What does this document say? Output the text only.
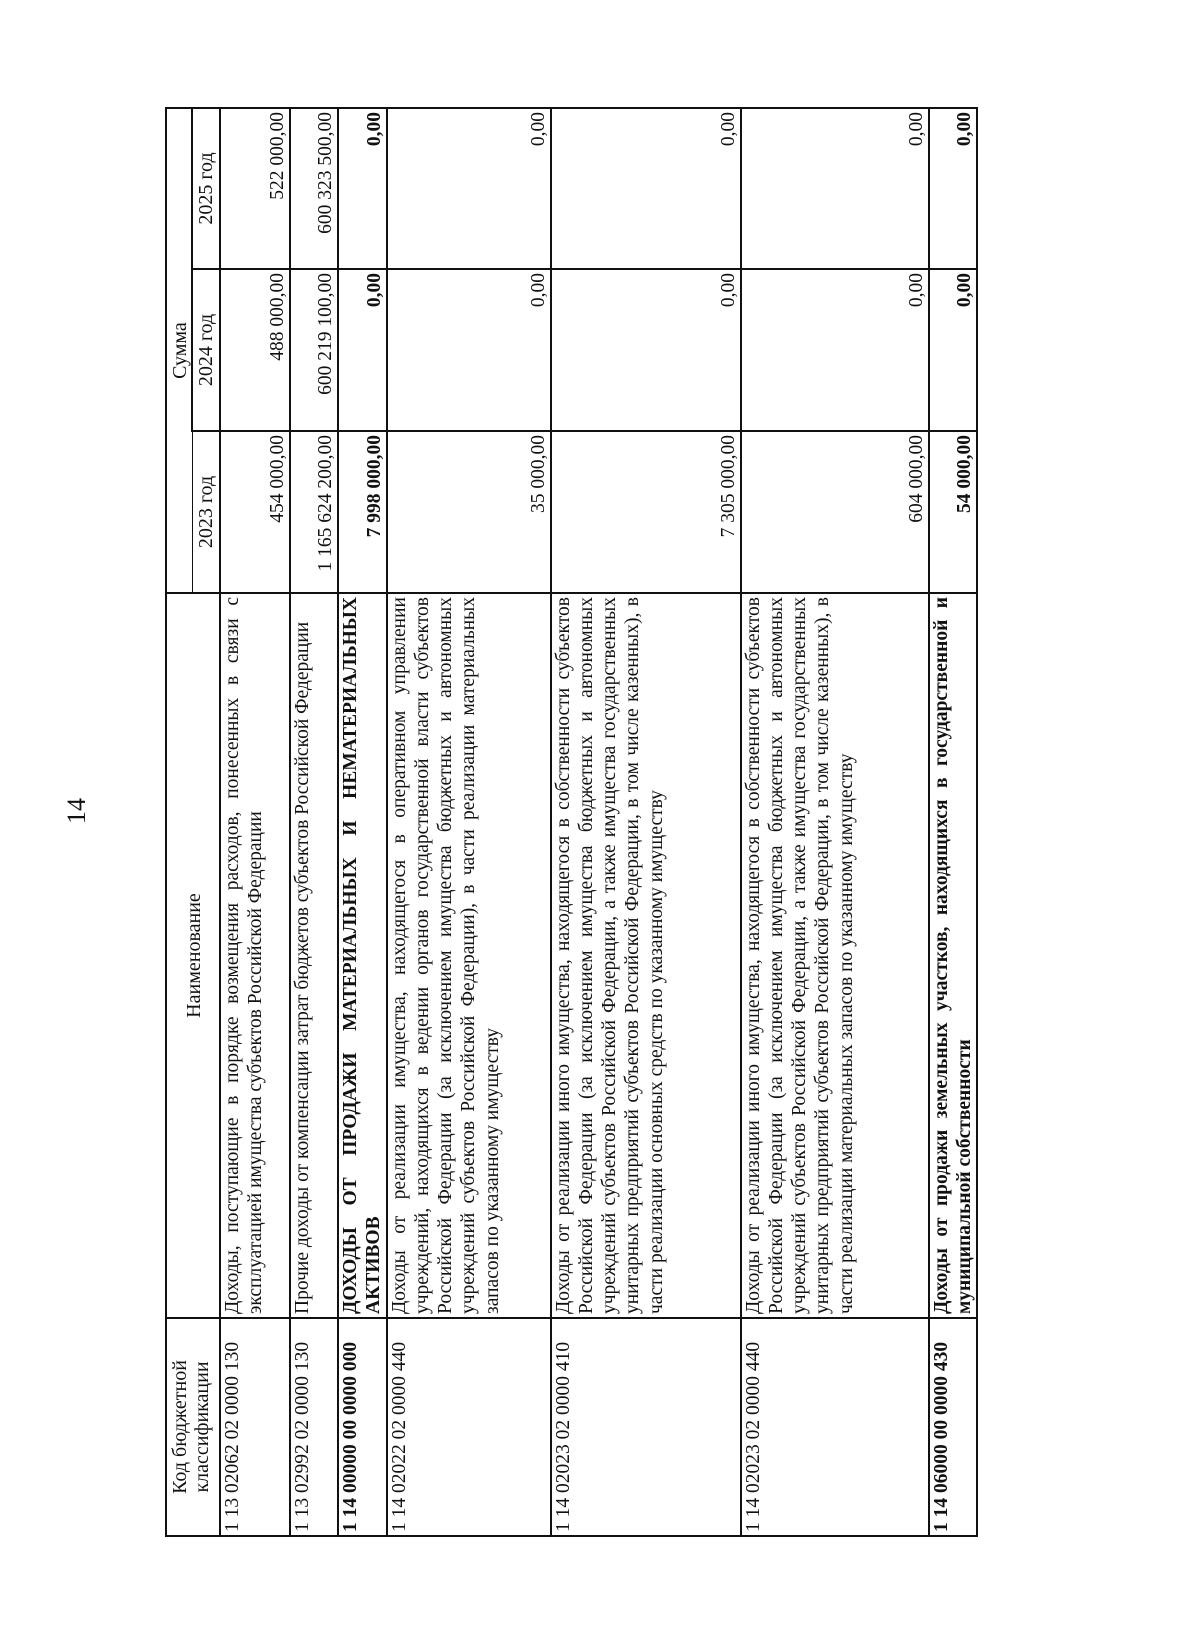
14
Код бюджетной классификации	Наименование	Сумма		
		2023 год	2024 год	2025 год
1 13 02062 02 0000 130	Доходы, поступающие в порядке возмещения расходов, понесенных в связи с эксплуатацией имущества субъектов Российской Федерации	454 000,00	488 000,00	522 000,00
1 13 02992 02 0000 130	Прочие доходы от компенсации затрат бюджетов субъектов Российской Федерации	1 165 624 200,00	600 219 100,00	600 323 500,00
1 14 00000 00 0000 000	ДОХОДЫ ОТ ПРОДАЖИ МАТЕРИАЛЬНЫХ И НЕМАТЕРИАЛЬНЫХ АКТИВОВ	7 998 000,00	0,00	0,00
1 14 02022 02 0000 440	Доходы от реализации имущества, находящегося в оперативном управлении учреждений, находящихся в ведении органов государственной власти субъектов Российской Федерации (за исключением имущества бюджетных и автономных учреждений субъектов Российской Федерации), в части реализации материальных запасов по указанному имуществу	35 000,00	0,00	0,00
1 14 02023 02 0000 410	Доходы от реализации иного имущества, находящегося в собственности субъектов Российской Федерации (за исключением имущества бюджетных и автономных учреждений субъектов Российской Федерации, а также имущества государственных унитарных предприятий субъектов Российской Федерации, в том числе казенных), в части реализации основных средств по указанному имуществу	7 305 000,00	0,00	0,00
1 14 02023 02 0000 440	Доходы от реализации иного имущества, находящегося в собственности субъектов Российской Федерации (за исключением имущества бюджетных и автономных учреждений субъектов Российской Федерации, а также имущества государственных унитарных предприятий субъектов Российской Федерации, в том числе казенных), в части реализации материальных запасов по указанному имуществу	604 000,00	0,00	0,00
1 14 06000 00 0000 430	Доходы от продажи земельных участков, находящихся в государственной и муниципальной собственности	54 000,00	0,00	0,00
